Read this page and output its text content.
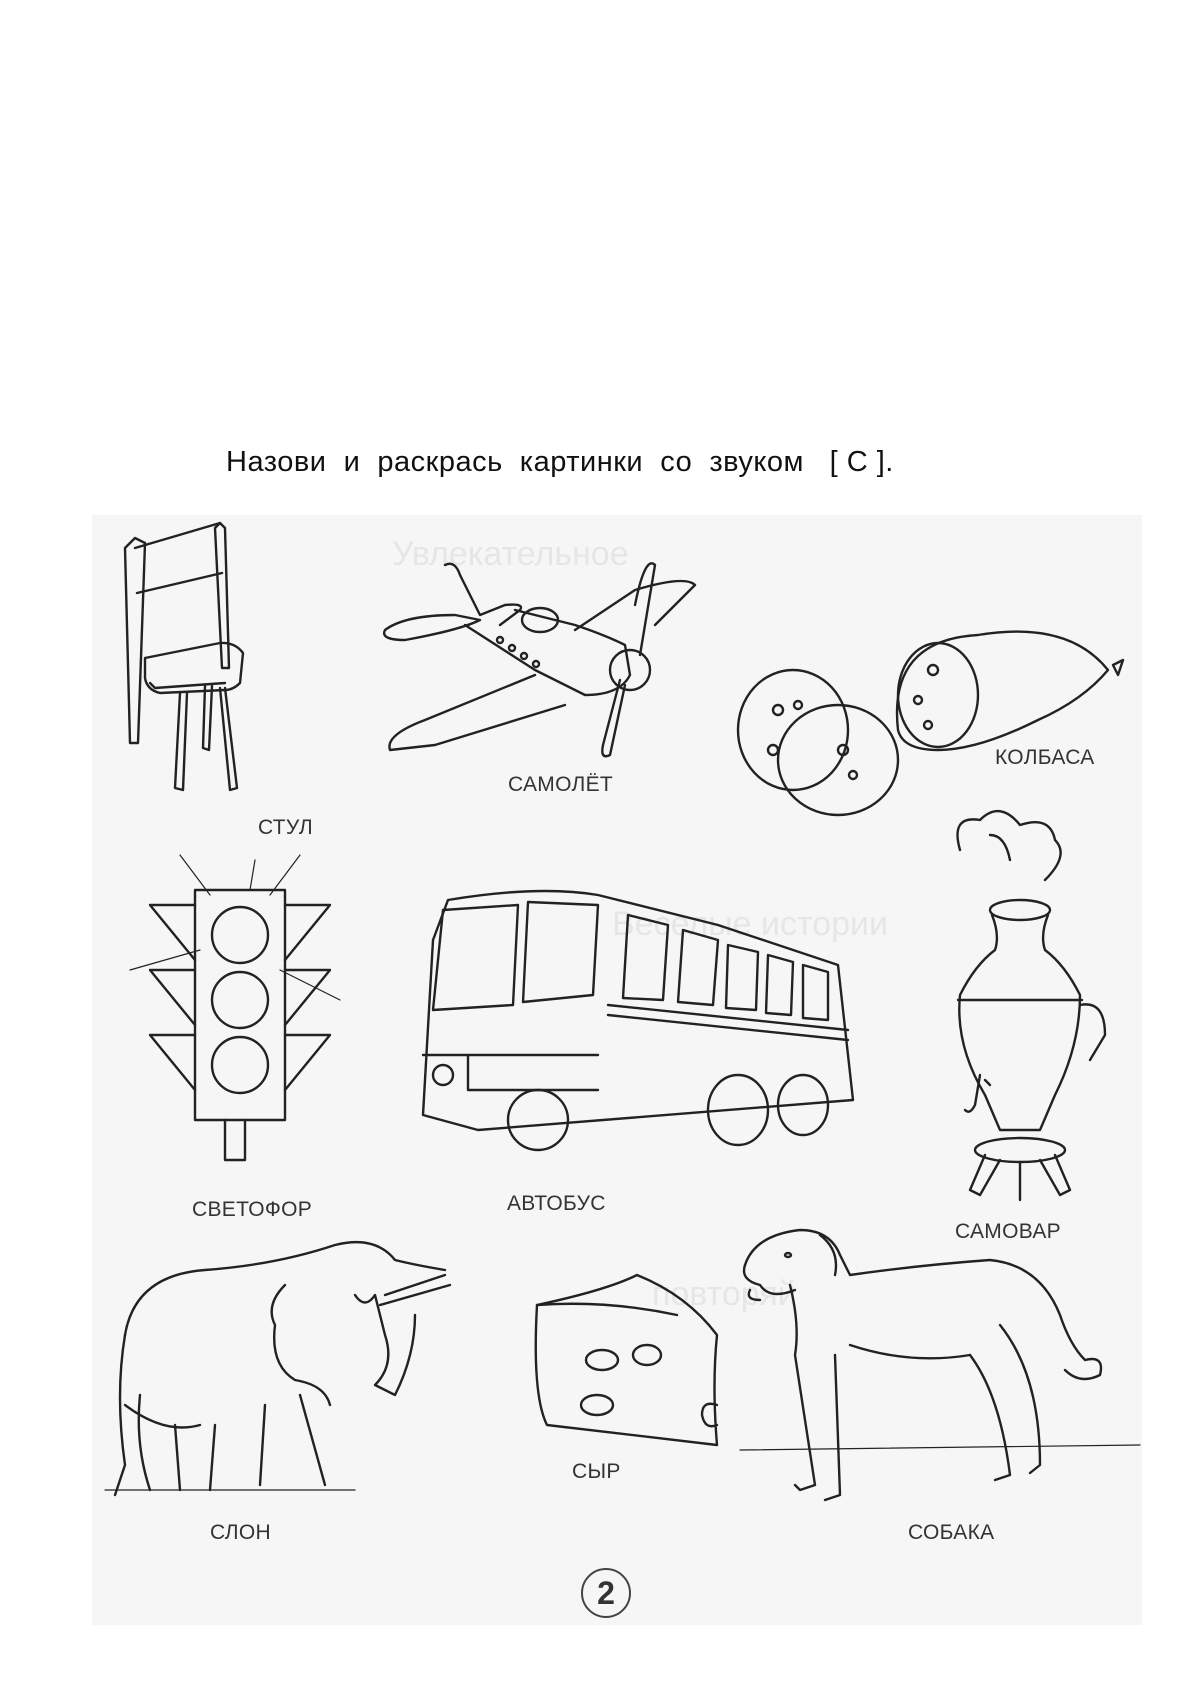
Назови  и  раскрась  картинки  со  звуком   [ С ].
Увлекательное
Веселые истории
повторяй
СТУЛ
САМОЛЁТ
КОЛБАСА
СВЕТОФОР	АВТОБУС
САМОВАР
СЛОН
СЫР
СОБАКА
2
